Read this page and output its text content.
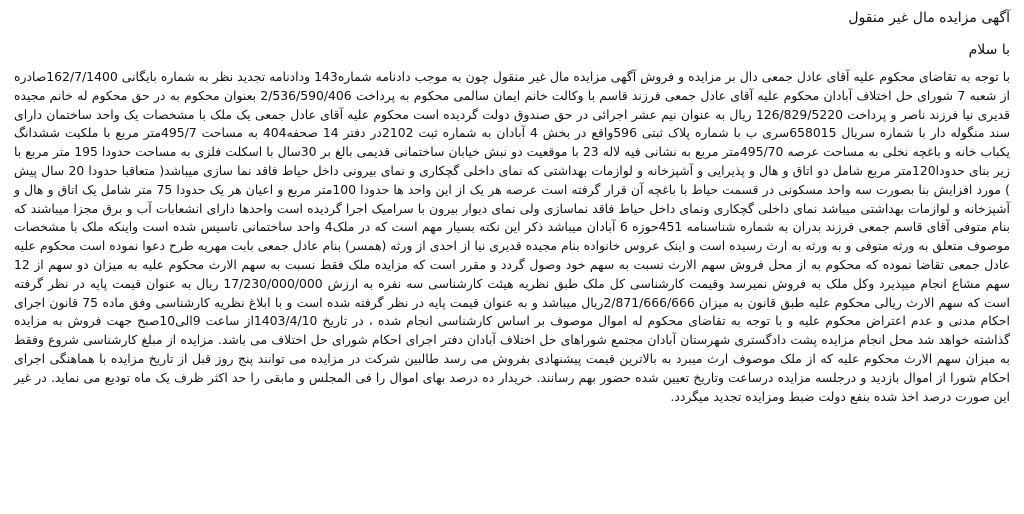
آگهی مزایده مال غیر منقول
با سلام

با توجه به تقاضای محکوم علیه آقای عادل جمعی دال بر مزایده و فروش آگهی مزایده مال غیر منقول چون به موجب دادنامه شماره143 ودادنامه تجدید نظر به شماره بایگانی 162/7/1400صادره از شعبه 7 شورای حل اختلاف آبادان محکوم علیه آقای عادل جمعی فرزند قاسم با وکالت خانم ایمان سالمی محکوم به پرداخت 2/536/590/406 بعنوان محکوم به در حق محکوم له خانم مجیده قدیری نیا فرزند ناصر و پرداخت 126/829/5220 ریال به عنوان نیم عشر اجرائی در حق صندوق دولت گردیده است محکوم علیه آقای عادل جمعی یک ملک با مشخصات یک واحد ساختمان دارای سند منگوله دار با شماره سریال 658015سری ب با شماره پلاک ثبتی 596واقع در بخش 4 آبادان به شماره ثبت 2102در دفتر 14 صحفه404 به مساحت 495/7متر مربع با ملکیت ششدانگ یکباب خانه و باغچه نخلی به مساحت عرصه 495/70متر مربع به نشانی فیه لاله 23 با موقعیت دو نبش خیابان ساختمانی قدیمی بالغ بر 30سال با اسکلت فلزی به مساحت حدودا 195 متر مربع با زیر بنای حدودا120متر مربع شامل دو اتاق و هال و پذیرایی و آشپزخانه و لوازمات بهداشتی که نمای داخلی گچکاری و نمای بیرونی داخل حیاط فاقد نما سازی میباشد( متعاقبا حدودا 20 سال پیش ) مورد افزایش بنا بصورت سه واحد مسکونی در قسمت حیاط با باغچه آن قرار گرفته است عرصه هر یک از این واحد ها حدودا 100متر مربع و اعیان هر یک حدودا 75 متر شامل یک اتاق و هال و آشپزخانه و لوازمات بهداشتی میباشد نمای داخلی گچکاری ونمای داخل حیاط فاقد نماسازی ولی نمای دیوار بیرون با سرامیک اجرا گردیده است واحدها دارای انشعابات آب و برق مجزا میباشند که بنام متوفی آقای قاسم جمعی فرزند بدران به شماره شناسنامه 451حوزه 6 آبادان میباشد ذکر این نکته بسیار مهم است که در ملک4 واحد ساختمانی تاسیس شده است واینکه ملک با مشخصات موصوف متعلق به ورثه متوفی و به ورثه به ارث رسیده است و اینک عروس خانواده بنام مجیده قدیری نیا از احدی از ورثه (همسر) بنام عادل جمعی بابت مهریه طرح دعوا نموده است محکوم علیه عادل جمعی تقاضا نموده که محکوم به از محل فروش سهم الارث نسبت به سهم خود وصول گردد و مقرر است که مزایده ملک فقط نسبت به سهم الارث محکوم علیه به میزان دو سهم از 12 سهم مشاع انجام میپذیرد وکل ملک به فروش نمیرسد وقیمت کارشناسی کل ملک طبق نظریه هیئت کارشناسی سه نفره به ارزش 17/230/000/000 ریال به عنوان قیمت پایه در نظر گرفته است که سهم الارث ریالی محکوم علیه طبق قانون به میزان 2/871/666/666ریال میباشد و به عنوان قیمت پایه در نظر گرفته شده است و با ابلاغ نظریه کارشناسی وفق ماده 75 قانون اجرای احکام مدنی و عدم اعتراض محکوم علیه و با توجه به تقاضای محکوم له اموال موصوف بر اساس کارشناسی انجام شده ، در تاریخ 1403/4/10از ساعت 9الی10صبح جهت فروش به مزایده گذاشته خواهد شد محل انجام مزایده پشت دادگستری شهرستان آبادان مجتمع شوراهای حل اختلاف آبادان دفتر اجرای احکام شورای حل اختلاف می باشد. مزایده از مبلغ کارشناسی شروع وفقط به میزان سهم الارث محکوم علیه که از ملک موصوف ارث میبرد به بالاترین قیمت پیشنهادی بفروش می رسد طالبین شرکت در مزایده می توانند پنج روز قبل از تاریخ مزایده با هماهنگی اجرای احکام شورا از اموال بازدید و درجلسه مزایده درساعت وتاریخ تعیین شده حضور بهم رسانند. خریدار ده درصد بهای اموال را فی المجلس و مابقی را حد اکثر ظرف یک ماه تودیع می نماید. در غیر این صورت درصد اخذ شده بنفع دولت ضبط ومزایده تجدید میگردد.
